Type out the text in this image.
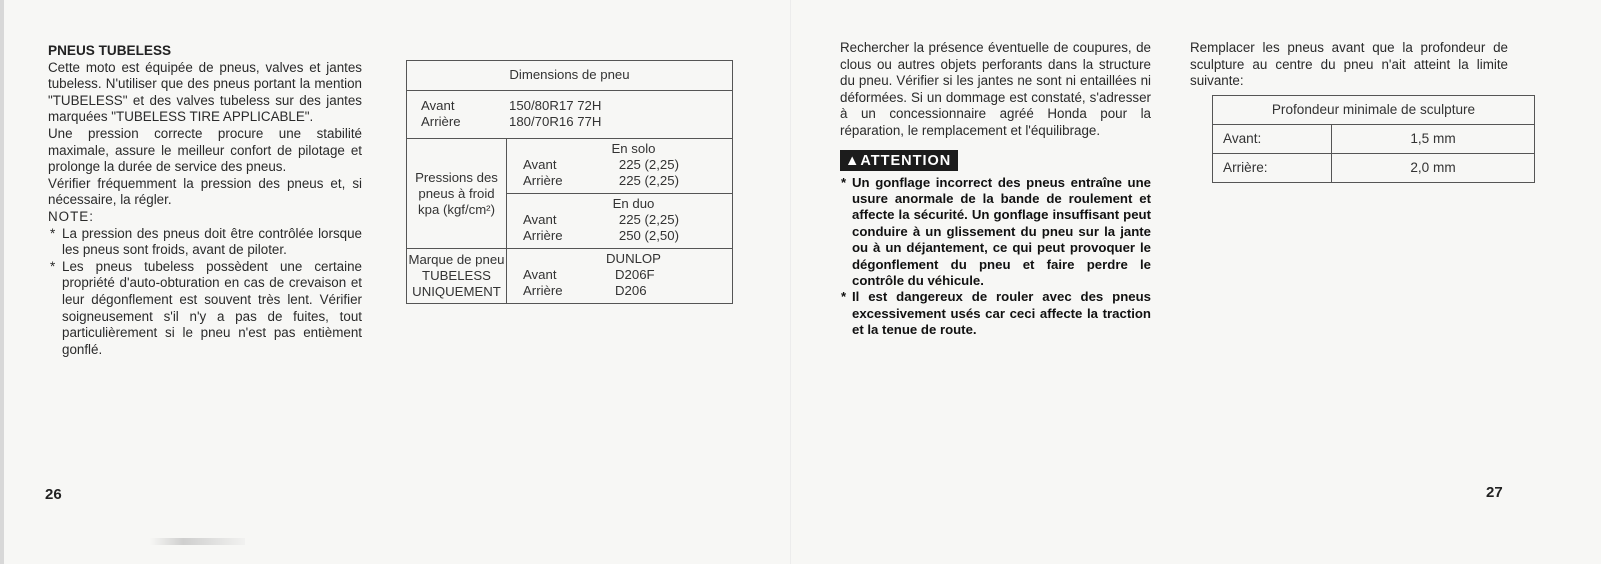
PNEUS TUBELESS

Cette moto est équipée de pneus, valves et jantes tubeless. N'utiliser que des pneus portant la mention "TUBELESS" et des valves tubeless sur des jantes marquées "TUBELESS TIRE APPLICABLE".

Une pression correcte procure une stabilité maximale, assure le meilleur confort de pilotage et prolonge la durée de service des pneus.

Vérifier fréquemment la pression des pneus et, si nécessaire, la régler.

NOTE:

* La pression des pneus doit être contrôlée lorsque les pneus sont froids, avant de piloter.
* Les pneus tubeless possèdent une certaine propriété d'auto-obturation en cas de crevaison et leur dégonflement est souvent très lent. Vérifier soigneusement s'il n'y a pas de fuites, tout particulièrement si le pneu n'est pas entièment gonflé.
Dimensions de pneu
Avant	150/80R17 72H
Arrière	180/70R16 77H
Pressions des pneus à froid kpa (kgf/cm²)
En solo
Avant	225 (2,25)
Arrière	225 (2,25)
En duo
Avant	225 (2,25)
Arrière	250 (2,50)
Marque de pneu TUBELESS UNIQUEMENT
DUNLOP
Avant	D206F
Arrière	D206
26

Rechercher la présence éventuelle de coupures, de clous ou autres objets perforants dans la structure du pneu. Vérifier si les jantes ne sont ni entaillées ni déformées. Si un dommage est constaté, s'adresser à un concessionnaire agréé Honda pour la réparation, le remplacement et l'équilibrage.

▲ATTENTION
* Un gonflage incorrect des pneus entraîne une usure anormale de la bande de roulement et affecte la sécurité. Un gonflage insuffisant peut conduire à un glissement du pneu sur la jante ou à un déjantement, ce qui peut provoquer le dégonflement du pneu et faire perdre le contrôle du véhicule.
* Il est dangereux de rouler avec des pneus excessivement usés car ceci affecte la traction et la tenue de route.

Remplacer les pneus avant que la profondeur de sculpture au centre du pneu n'ait atteint la limite suivante:

Profondeur minimale de sculpture
Avant:	1,5 mm
Arrière:	2,0 mm
27
